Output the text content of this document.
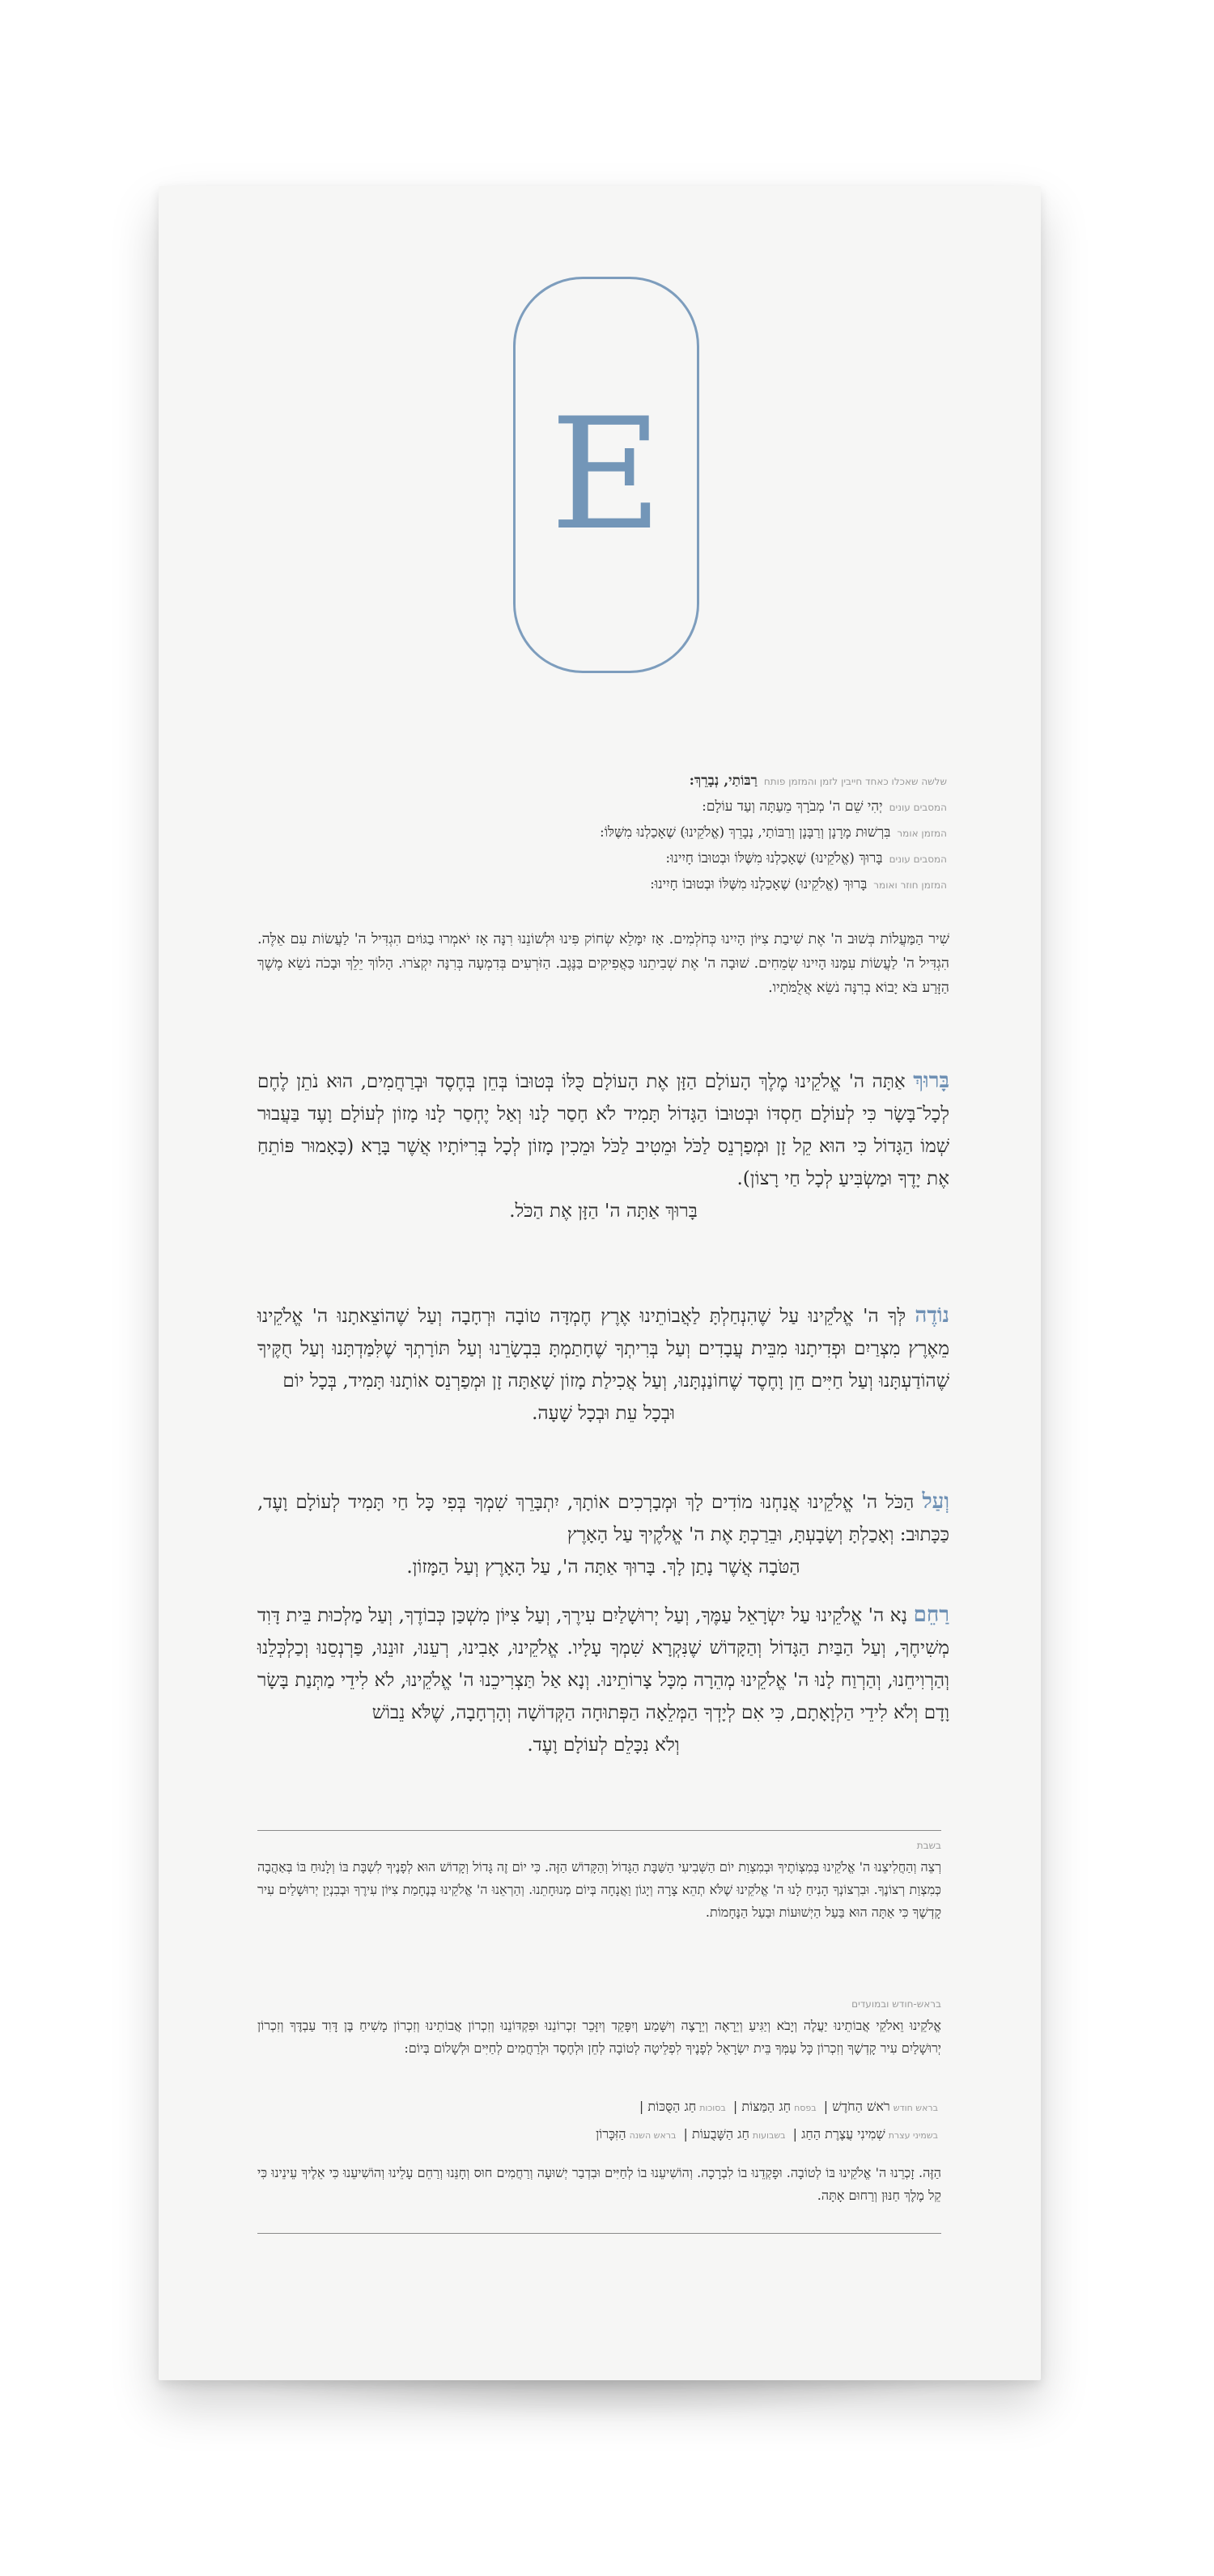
E
שלשה שאכלו כאחד חייבין לזמן והמזמן פותחרַבּוֹתַי, נְבָרֵךְ:
המסבים עוניםיְהִי שֵׁם ה' מְבֹרָךְ מֵעַתָּה וְעַד עוֹלָם:
המזמן אומרבִּרְשׁוּת מָרָנָן וְרַבָּנָן וְרַבּוֹתַי, נְבָרֵךְ (אֱלֹקֵינוּ) שֶׁאָכַלְנוּ מִשֶּׁלּוֹ:
המסבים עוניםבָּרוּךְ (אֱלֹקֵינוּ) שֶׁאָכַלְנוּ מִשֶּׁלּוֹ וּבְטוּבוֹ חָיִינוּ:
המזמן חוזר ואומרבָּרוּךְ (אֱלֹקֵינוּ) שֶׁאָכַלְנוּ מִשֶּׁלּוֹ וּבְטוּבוֹ חָיִינוּ:
שִׁיר הַמַּעֲלוֹת בְּשׁוּב ה' אֶת שִׁיבַת צִיּוֹן הָיִינוּ כְּחֹלְמִים. אָז יִמָּלֵא שְׂחוֹק פִּינוּ וּלְשׁוֹנֵנוּ רִנָּה אָז יֹאמְרוּ בַגּוֹיִם הִגְדִּיל ה' לַעֲשׂוֹת עִם אֵלֶּה. הִגְדִּיל ה' לַעֲשׂוֹת עִמָּנוּ הָיִינוּ שְׂמֵחִים. שׁוּבָה ה' אֶת שְׁבִיתֵנוּ כַּאֲפִיקִים בַּנֶּגֶב. הַזֹּרְעִים בְּדִמְעָה בְּרִנָּה יִקְצֹרוּ. הָלוֹךְ יֵלֵךְ וּבָכֹה נֹשֵׂא מֶשֶׁךְ הַזָּרַע בֹּא יָבוֹא בְרִנָּה נֹשֵׂא אֲלֻמֹּתָיו.
בָּרוּךְ אַתָּה ה' אֱלֹקֵינוּ מֶלֶךְ הָעוֹלָם הַזָּן אֶת הָעוֹלָם כֻּלּוֹ בְּטוּבוֹ בְּחֵן בְּחֶסֶד וּבְרַחֲמִים, הוּא נֹתֵן לֶחֶם לְכָל־בָּשָׂר כִּי לְעוֹלָם חַסְדּוֹ וּבְטוּבוֹ הַגָּדוֹל תָּמִיד לֹא חָסַר לָנוּ וְאַל יֶחְסַר לָנוּ מָזוֹן לְעוֹלָם וָעֶד בַּעֲבוּר שְׁמוֹ הַגָּדוֹל כִּי הוּא קֵל זָן וּמְפַרְנֵס לַכֹּל וּמֵטִיב לַכֹּל וּמֵכִין מָזוֹן לְכָל בְּרִיּוֹתָיו אֲשֶׁר בָּרָא (כָּאָמוּר פּוֹתֵחַ אֶת יָדֶךָ וּמַשְׂבִּיעַ לְכָל חַי רָצוֹן).
בָּרוּךְ אַתָּה ה' הַזָּן אֶת הַכֹּל.
נוֹדֶה לְּךָ ה' אֱלֹקֵינוּ עַל שֶׁהִנְחַלְתָּ לַאֲבוֹתֵינוּ אֶרֶץ חֶמְדָּה טוֹבָה וּרְחָבָה וְעַל שֶׁהוֹצֵאתָנוּ ה' אֱלֹקֵינוּ מֵאֶרֶץ מִצְרַיִם וּפְדִיתָנוּ מִבֵּית עֲבָדִים וְעַל בְּרִיתְךָ שֶׁחָתַמְתָּ בִּבְשָׂרֵנוּ וְעַל תּוֹרָתְךָ שֶׁלִּמַּדְתָּנוּ וְעַל חֻקֶּיךָ שֶׁהוֹדַעְתָּנוּ וְעַל חַיִּים חֵן וָחֶסֶד שֶׁחוֹנַנְתָּנוּ, וְעַל אֲכִילַת מָזוֹן שָׁאַתָּה זָן וּמְפַרְנֵס אוֹתָנוּ תָּמִיד, בְּכָל יוֹם
וּבְכָל עֵת וּבְכָל שָׁעָה.
וְעַל הַכֹּל ה' אֱלֹקֵינוּ אֲנַחְנוּ מוֹדִים לָךְ וּמְבָרְכִים אוֹתָךְ, יִתְבָּרֵךְ שִׁמְךָ בְּפִי כָּל חַי תָּמִיד לְעוֹלָם וָעֶד, כַּכָּתוּב: וְאָכַלְתָּ וְשָׂבָעְתָּ, וּבֵרַכְתָּ אֶת ה' אֱלֹקֶיךָ עַל הָאָרֶץ
הַטֹּבָה אֲשֶׁר נָתַן לָךְ. בָּרוּךְ אַתָּה ה', עַל הָאָרֶץ וְעַל הַמָּזוֹן.
רַחֵם נָא ה' אֱלֹקֵינוּ עַל יִשְׂרָאֵל עַמֶּךָ, וְעַל יְרוּשָׁלַיִם עִירֶךָ, וְעַל צִיּוֹן מִשְׁכַּן כְּבוֹדֶךָ, וְעַל מַלְכוּת בֵּית דָּוִד מְשִׁיחֶךָ, וְעַל הַבַּיִת הַגָּדוֹל וְהַקָּדוֹשׁ שֶׁנִּקְרָא שִׁמְךָ עָלָיו. אֱלֹקֵינוּ, אָבִינוּ, רְעֵנוּ, זוּנֵנוּ, פַּרְנְסֵנוּ וְכַלְכְּלֵנוּ וְהַרְוִיחֵנוּ, וְהַרְוַח לָנוּ ה' אֱלֹקֵינוּ מְהֵרָה מִכָּל צָרוֹתֵינוּ. וְנָא אַל תַּצְרִיכֵנוּ ה' אֱלֹקֵינוּ, לֹא לִידֵי מַתְּנַת בָּשָׂר וָדָם וְלֹא לִידֵי הַלְוָאָתָם, כִּי אִם לְיָדְךָ הַמְּלֵאָה הַפְּתוּחָה הַקְּדוֹשָׁה וְהָרְחָבָה, שֶׁלֹּא נֵבוֹשׁ
וְלֹא נִכָּלֵם לְעוֹלָם וָעֶד.
בשבת
רְצֵה וְהַחֲלִיצֵנוּ ה' אֱלֹקֵינוּ בְּמִצְוֹתֶיךָ וּבְמִצְוַת יוֹם הַשְּׁבִיעִי הַשַּׁבָּת הַגָּדוֹל וְהַקָּדוֹשׁ הַזֶּה. כִּי יוֹם זֶה גָּדוֹל וְקָדוֹשׁ הוּא לְפָנֶיךָ לִשְׁבָּת בּוֹ וְלָנוּחַ בּוֹ בְּאַהֲבָה כְּמִצְוַת רְצוֹנֶךָ. וּבִרְצוֹנְךָ הָנִיחַ לָנוּ ה' אֱלֹקֵינוּ שֶׁלֹּא תְהֵא צָרָה וְיָגוֹן וַאֲנָחָה בְּיוֹם מְנוּחָתֵנוּ. וְהַרְאֵנוּ ה' אֱלֹקֵינוּ בְּנֶחָמַת צִיּוֹן עִירֶךָ וּבְבִנְיַן יְרוּשָׁלַיִם עִיר קָדְשֶׁךָ כִּי אַתָּה הוּא בַּעַל הַיְשׁוּעוֹת וּבַעַל הַנֶּחָמוֹת.
בראש-חודש ובמועדים
אֱלֹקֵינוּ וֵאלֹקֵי אֲבוֹתֵינוּ יַעֲלֶה וְיָבֹא וְיַגִּיעַ וְיֵרָאֶה וְיֵרָצֶה וְיִשָּׁמַע וְיִפָּקֵד וְיִזָּכֵר זִכְרוֹנֵנוּ וּפִקְדּוֹנֵנוּ וְזִכְרוֹן אֲבוֹתֵינוּ וְזִכְרוֹן מָשִׁיחַ בֶּן דָּוִד עַבְדֶּךָ וְזִכְרוֹן יְרוּשָׁלַיִם עִיר קָדְשֶׁךָ וְזִכְרוֹן כָּל עַמְּךָ בֵּית יִשְׂרָאֵל לְפָנֶיךָ לִפְלֵיטָה לְטוֹבָה לְחֵן וּלְחֶסֶד וּלְרַחֲמִים לְחַיִּים וּלְשָׁלוֹם בְּיוֹם:
בראש חודשרֹאשׁ הַחֹדֶשׁ | בפסחחַג הַמַּצּוֹת | בסוכותחַג הַסֻּכּוֹת |
בשמיני עצרתשְׁמִינִי עֲצֶרֶת הַחַג | בשבועותחַג הַשָּׁבֻעוֹת | בראש השנההַזִּכָּרוֹן
הַזֶּה. זָכְרֵנוּ ה' אֱלֹקֵינוּ בּוֹ לְטוֹבָה. וּפָקְדֵנוּ בוֹ לִבְרָכָה. וְהוֹשִׁיעֵנוּ בוֹ לְחַיִּים וּבִדְבַר יְשׁוּעָה וְרַחֲמִים חוּס וְחָנֵּנוּ וְרַחֵם עָלֵינוּ וְהוֹשִׁיעֵנוּ כִּי אֵלֶיךָ עֵינֵינוּ כִּי קֵל מֶלֶךְ חַנּוּן וְרַחוּם אָתָּה.
